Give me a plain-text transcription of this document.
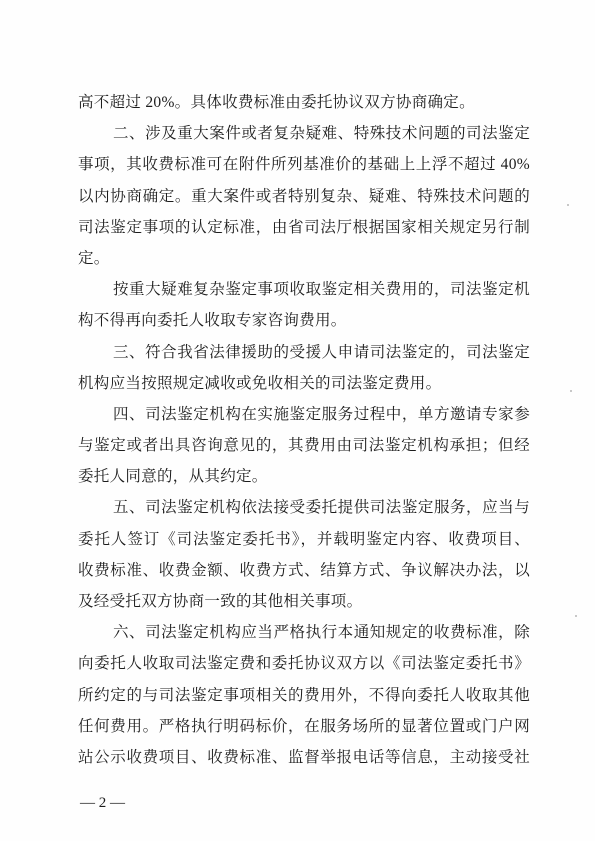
高不超过 20%。具体收费标准由委托协议双方协商确定。
二、涉及重大案件或者复杂疑难、特殊技术问题的司法鉴定
事项，其收费标准可在附件所列基准价的基础上上浮不超过 40%
以内协商确定。重大案件或者特别复杂、疑难、特殊技术问题的
司法鉴定事项的认定标准，由省司法厅根据国家相关规定另行制
定。
按重大疑难复杂鉴定事项收取鉴定相关费用的，司法鉴定机
构不得再向委托人收取专家咨询费用。
三、符合我省法律援助的受援人申请司法鉴定的，司法鉴定
机构应当按照规定减收或免收相关的司法鉴定费用。
四、司法鉴定机构在实施鉴定服务过程中，单方邀请专家参
与鉴定或者出具咨询意见的，其费用由司法鉴定机构承担；但经
委托人同意的，从其约定。
五、司法鉴定机构依法接受委托提供司法鉴定服务，应当与
委托人签订《司法鉴定委托书》，并载明鉴定内容、收费项目、
收费标准、收费金额、收费方式、结算方式、争议解决办法，以
及经受托双方协商一致的其他相关事项。
六、司法鉴定机构应当严格执行本通知规定的收费标准，除
向委托人收取司法鉴定费和委托协议双方以《司法鉴定委托书》
所约定的与司法鉴定事项相关的费用外，不得向委托人收取其他
任何费用。严格执行明码标价，在服务场所的显著位置或门户网
站公示收费项目、收费标准、监督举报电话等信息，主动接受社
— 2 —
